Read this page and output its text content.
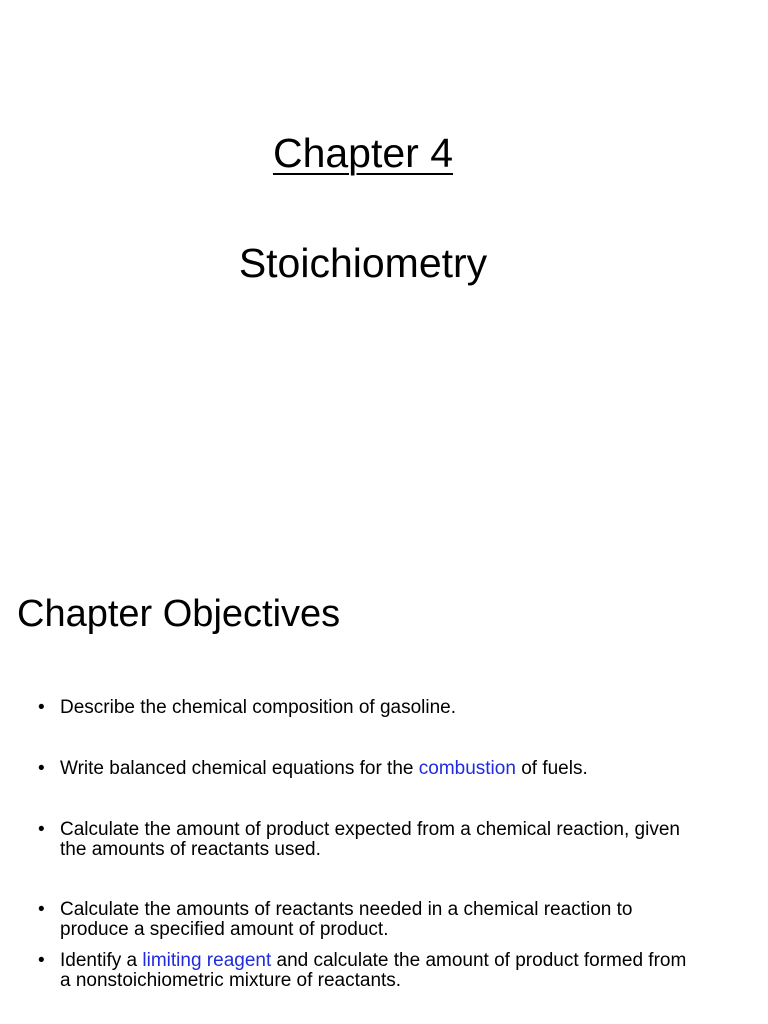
Chapter 4
Stoichiometry
Chapter Objectives
• Describe the chemical composition of gasoline.
• Write balanced chemical equations for the combustion of fuels.
• Calculate the amount of product expected from a chemical reaction, given the amounts of reactants used.
• Calculate the amounts of reactants needed in a chemical reaction to produce a specified amount of product.
• Identify a limiting reagent and calculate the amount of product formed from a nonstoichiometric mixture of reactants.
